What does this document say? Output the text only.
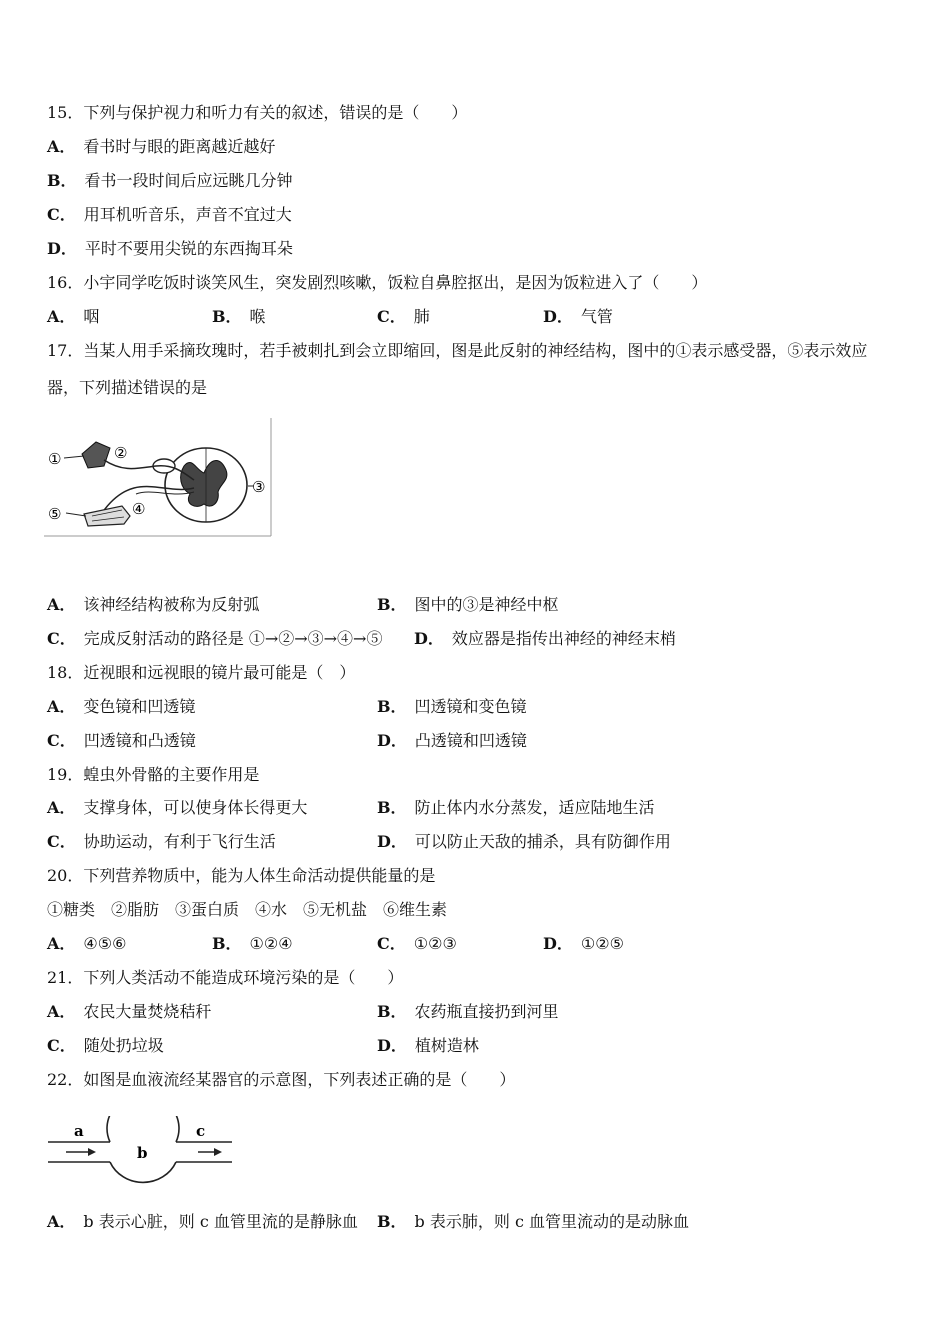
15．下列与保护视力和听力有关的叙述，错误的是（　　）
A． 看书时与眼的距离越近越好
B． 看书一段时间后应远眺几分钟
C． 用耳机听音乐，声音不宜过大
D． 平时不要用尖锐的东西掏耳朵
16．小宇同学吃饭时谈笑风生，突发剧烈咳嗽，饭粒自鼻腔抠出，是因为饭粒进入了（　　）
A． 咽	B． 喉	C． 肺	D． 气管
17．当某人用手采摘玫瑰时，若手被刺扎到会立即缩回，图是此反射的神经结构，图中的①表示感受器，⑤表示效应
器，下列描述错误的是
①	②
③
④
⑤
A． 该神经结构被称为反射弧	B． 图中的③是神经中枢
C． 完成反射活动的路径是 ①→②→③→④→⑤ D． 效应器是指传出神经的神经末梢
18．近视眼和远视眼的镜片最可能是（　）
A． 变色镜和凹透镜	B． 凹透镜和变色镜
C． 凹透镜和凸透镜	D． 凸透镜和凹透镜
19．蝗虫外骨骼的主要作用是
A． 支撑身体，可以使身体长得更大	B． 防止体内水分蒸发，适应陆地生活
C． 协助运动，有利于飞行生活	D． 可以防止天敌的捕杀，具有防御作用
20．下列营养物质中，能为人体生命活动提供能量的是
①糖类　②脂肪　③蛋白质　④水　⑤无机盐　⑥维生素
A． ④⑤⑥	B． ①②④	C． ①②③	D． ①②⑤
21．下列人类活动不能造成环境污染的是（　　）
A． 农民大量焚烧秸秆	B． 农药瓶直接扔到河里
C． 随处扔垃圾	D． 植树造林
22．如图是血液流经某器官的示意图，下列表述正确的是（　　）
a
b
c
A． b 表示心脏，则 c 血管里流的是静脉血 B． b 表示肺，则 c 血管里流动的是动脉血
